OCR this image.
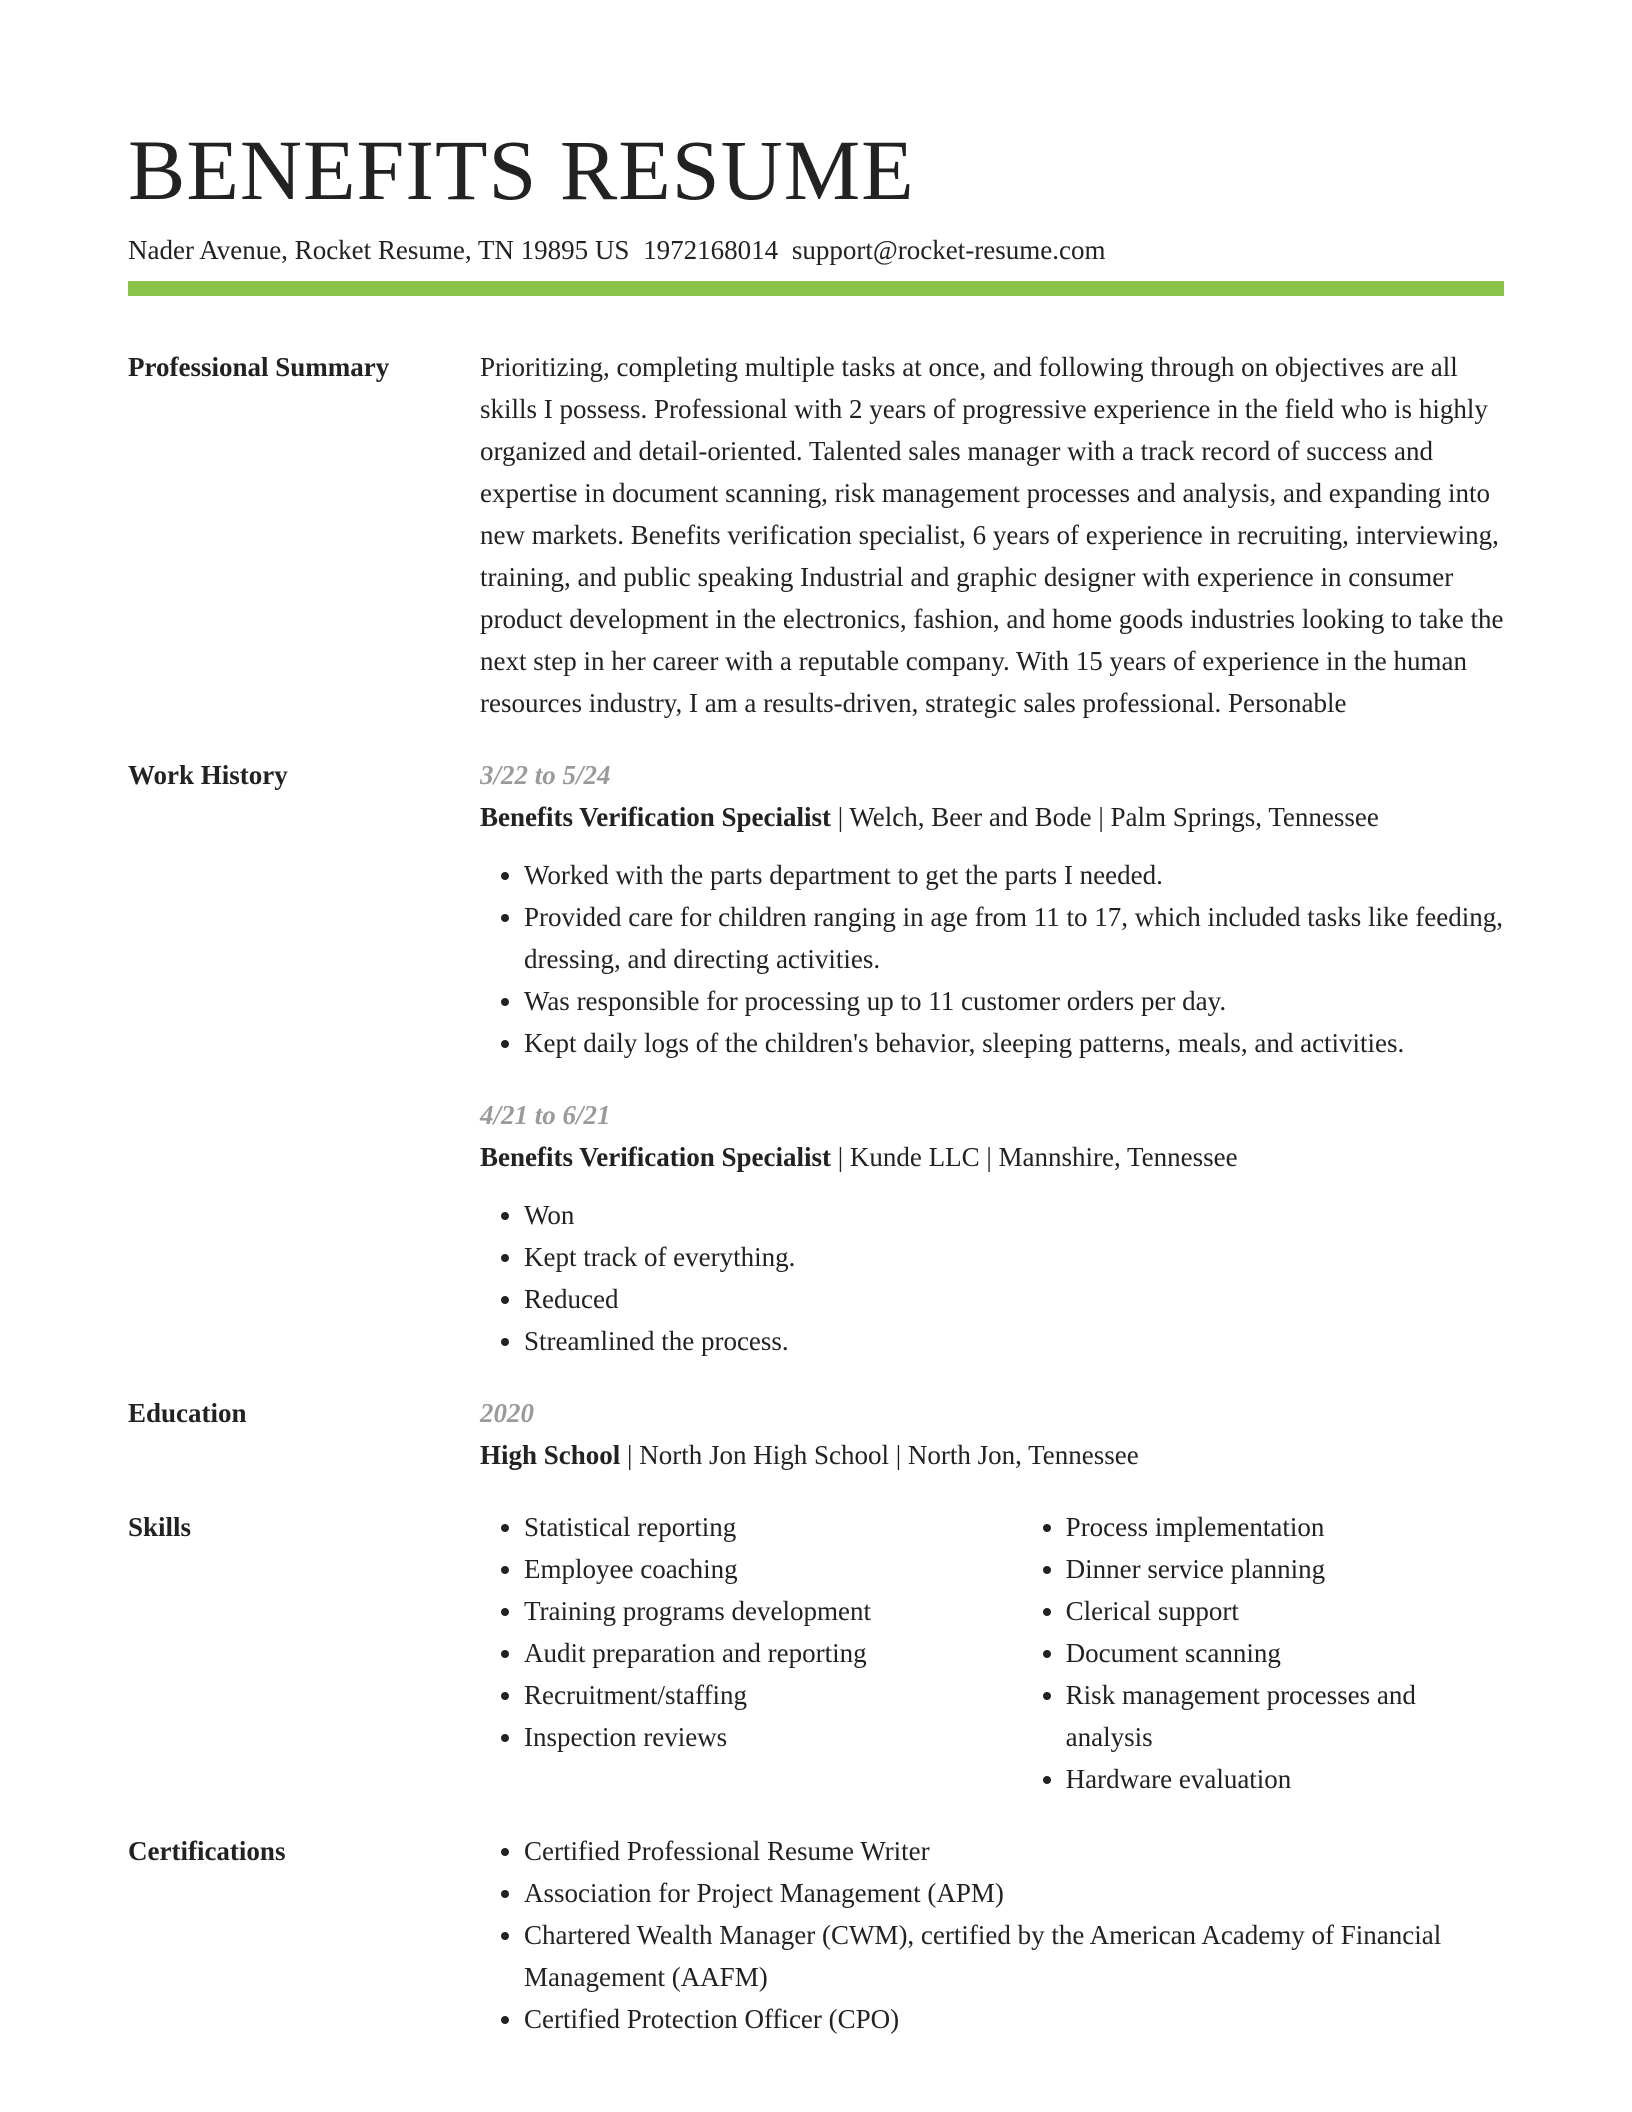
BENEFITS RESUME
Nader Avenue, Rocket Resume, TN 19895 US 1972168014 support@rocket-resume.com
Professional Summary	Prioritizing, completing multiple tasks at once, and following through on objectives are all skills I possess. Professional with 2 years of progressive experience in the field who is highly organized and detail-oriented. Talented sales manager with a track record of success and expertise in document scanning, risk management processes and analysis, and expanding into new markets. Benefits verification specialist, 6 years of experience in recruiting, interviewing, training, and public speaking Industrial and graphic designer with experience in consumer product development in the electronics, fashion, and home goods industries looking to take the next step in her career with a reputable company. With 15 years of experience in the human resources industry, I am a results-driven, strategic sales professional. Personable
Work History	3/22 to 5/24
Benefits Verification Specialist | Welch, Beer and Bode | Palm Springs, Tennessee
• Worked with the parts department to get the parts I needed.
• Provided care for children ranging in age from 11 to 17, which included tasks like feeding, dressing, and directing activities.
• Was responsible for processing up to 11 customer orders per day.
• Kept daily logs of the children's behavior, sleeping patterns, meals, and activities.
4/21 to 6/21
Benefits Verification Specialist | Kunde LLC | Mannshire, Tennessee
• Won
• Kept track of everything.
• Reduced
• Streamlined the process.
Education	2020
High School | North Jon High School | North Jon, Tennessee
Skills	• Statistical reporting
• Employee coaching
• Training programs development
• Audit preparation and reporting
• Recruitment/staffing
• Inspection reviews
• Process implementation
• Dinner service planning
• Clerical support
• Document scanning
• Risk management processes and analysis
• Hardware evaluation
Certifications	• Certified Professional Resume Writer
• Association for Project Management (APM)
• Chartered Wealth Manager (CWM), certified by the American Academy of Financial Management (AAFM)
• Certified Protection Officer (CPO)
